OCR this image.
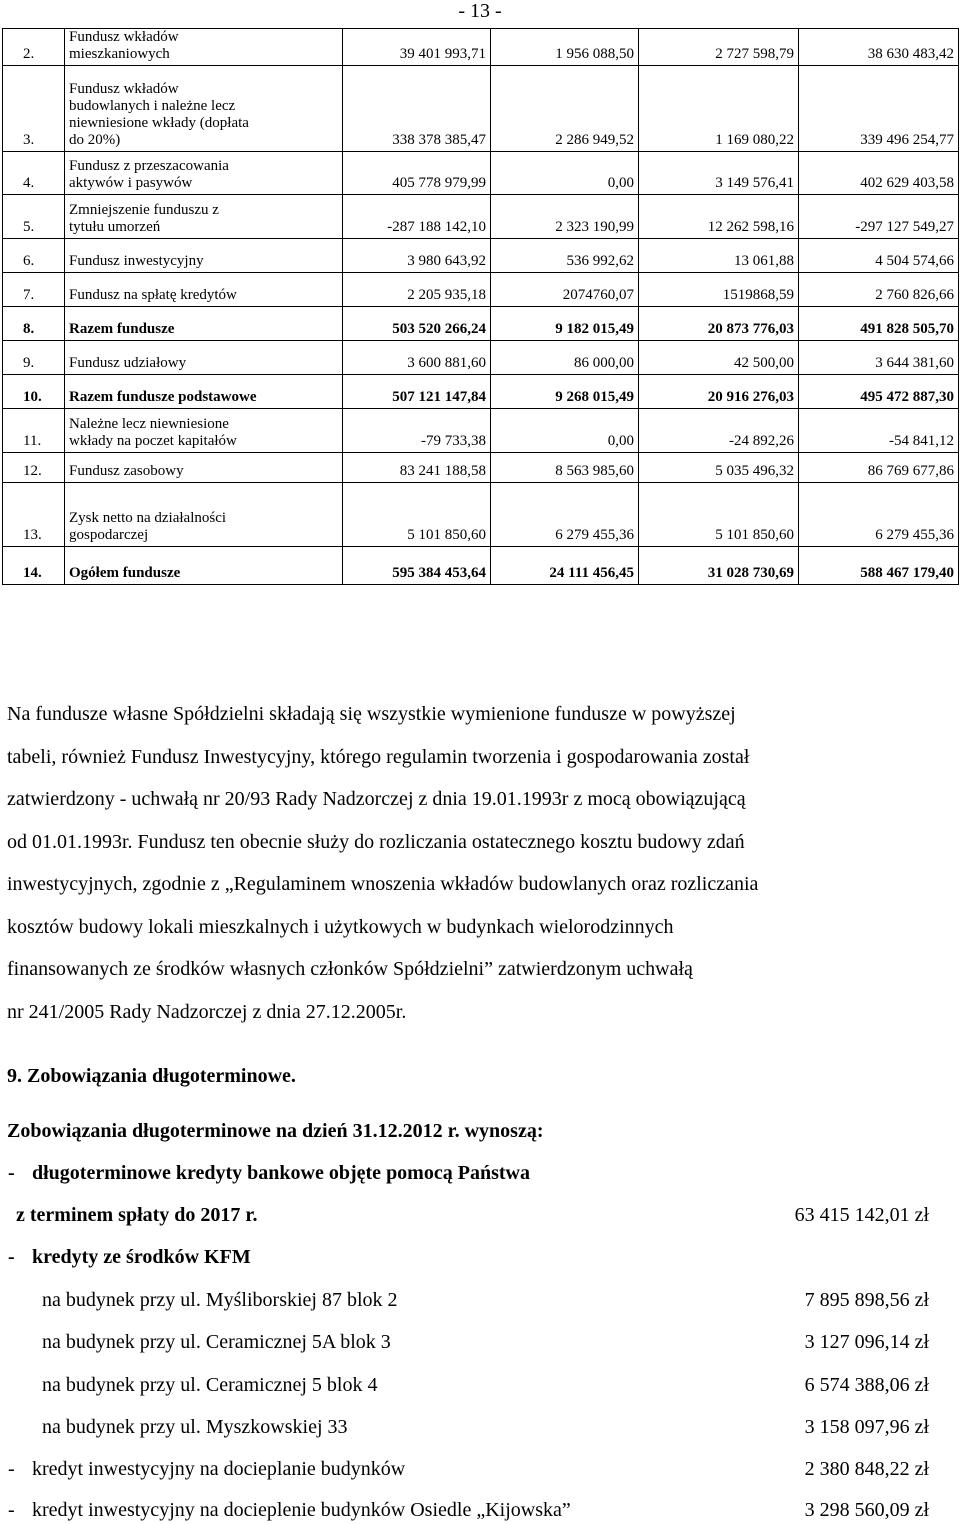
- 13 -
2.	Fundusz wkładów
mieszkaniowych	39 401 993,71	1 956 088,50	2 727 598,79	38 630 483,42
3.	Fundusz wkładów
budowlanych i należne lecz
niewniesione wkłady (dopłata
do 20%)	338 378 385,47	2 286 949,52	1 169 080,22	339 496 254,77
4.	Fundusz z przeszacowania
aktywów i pasywów	405 778 979,99	0,00	3 149 576,41	402 629 403,58
5.	Zmniejszenie funduszu z
tytułu umorzeń	-287 188 142,10	2 323 190,99	12 262 598,16	-297 127 549,27
6.	Fundusz inwestycyjny	3 980 643,92	536 992,62	13 061,88	4 504 574,66
7.	Fundusz na spłatę kredytów	2 205 935,18	2074760,07	1519868,59	2 760 826,66
8.	Razem fundusze	503 520 266,24	9 182 015,49	20 873 776,03	491 828 505,70
9.	Fundusz udziałowy	3 600 881,60	86 000,00	42 500,00	3 644 381,60
10.	Razem fundusze podstawowe	507 121 147,84	9 268 015,49	20 916 276,03	495 472 887,30
11.	Należne lecz niewniesione
wkłady na poczet kapitałów	-79 733,38	0,00	-24 892,26	-54 841,12
12.	Fundusz zasobowy	83 241 188,58	8 563 985,60	5 035 496,32	86 769 677,86
13.	Zysk netto na działalności
gospodarczej	5 101 850,60	6 279 455,36	5 101 850,60	6 279 455,36
14.	Ogółem fundusze	595 384 453,64	24 111 456,45	31 028 730,69	588 467 179,40

Na fundusze własne Spółdzielni składają się wszystkie wymienione fundusze w powyższej

tabeli, również Fundusz Inwestycyjny, którego regulamin tworzenia i gospodarowania został

zatwierdzony - uchwałą nr 20/93 Rady Nadzorczej z dnia 19.01.1993r z mocą obowiązującą

od 01.01.1993r. Fundusz ten obecnie służy do rozliczania ostatecznego kosztu budowy zdań

inwestycyjnych, zgodnie z „Regulaminem wnoszenia wkładów budowlanych oraz rozliczania

kosztów budowy lokali mieszkalnych i użytkowych w budynkach wielorodzinnych

finansowanych ze środków własnych członków Spółdzielni” zatwierdzonym uchwałą

nr 241/2005 Rady Nadzorczej z dnia 27.12.2005r.

9. Zobowiązania długoterminowe.
Zobowiązania długoterminowe na dzień 31.12.2012 r. wynoszą:
- długoterminowe kredyty bankowe objęte pomocą Państwa
z terminem spłaty do 2017 r.	63 415 142,01 zł
- kredyty ze środków KFM
na budynek przy ul. Myśliborskiej 87 blok 2	7 895 898,56 zł
na budynek przy ul. Ceramicznej 5A blok 3	3 127 096,14 zł
na budynek przy ul. Ceramicznej 5 blok 4	6 574 388,06 zł
na budynek przy ul. Myszkowskiej 33	3 158 097,96 zł
- kredyt inwestycyjny na docieplanie budynków	2 380 848,22 zł
- kredyt inwestycyjny na docieplenie budynków Osiedle „Kijowska”	3 298 560,09 zł
